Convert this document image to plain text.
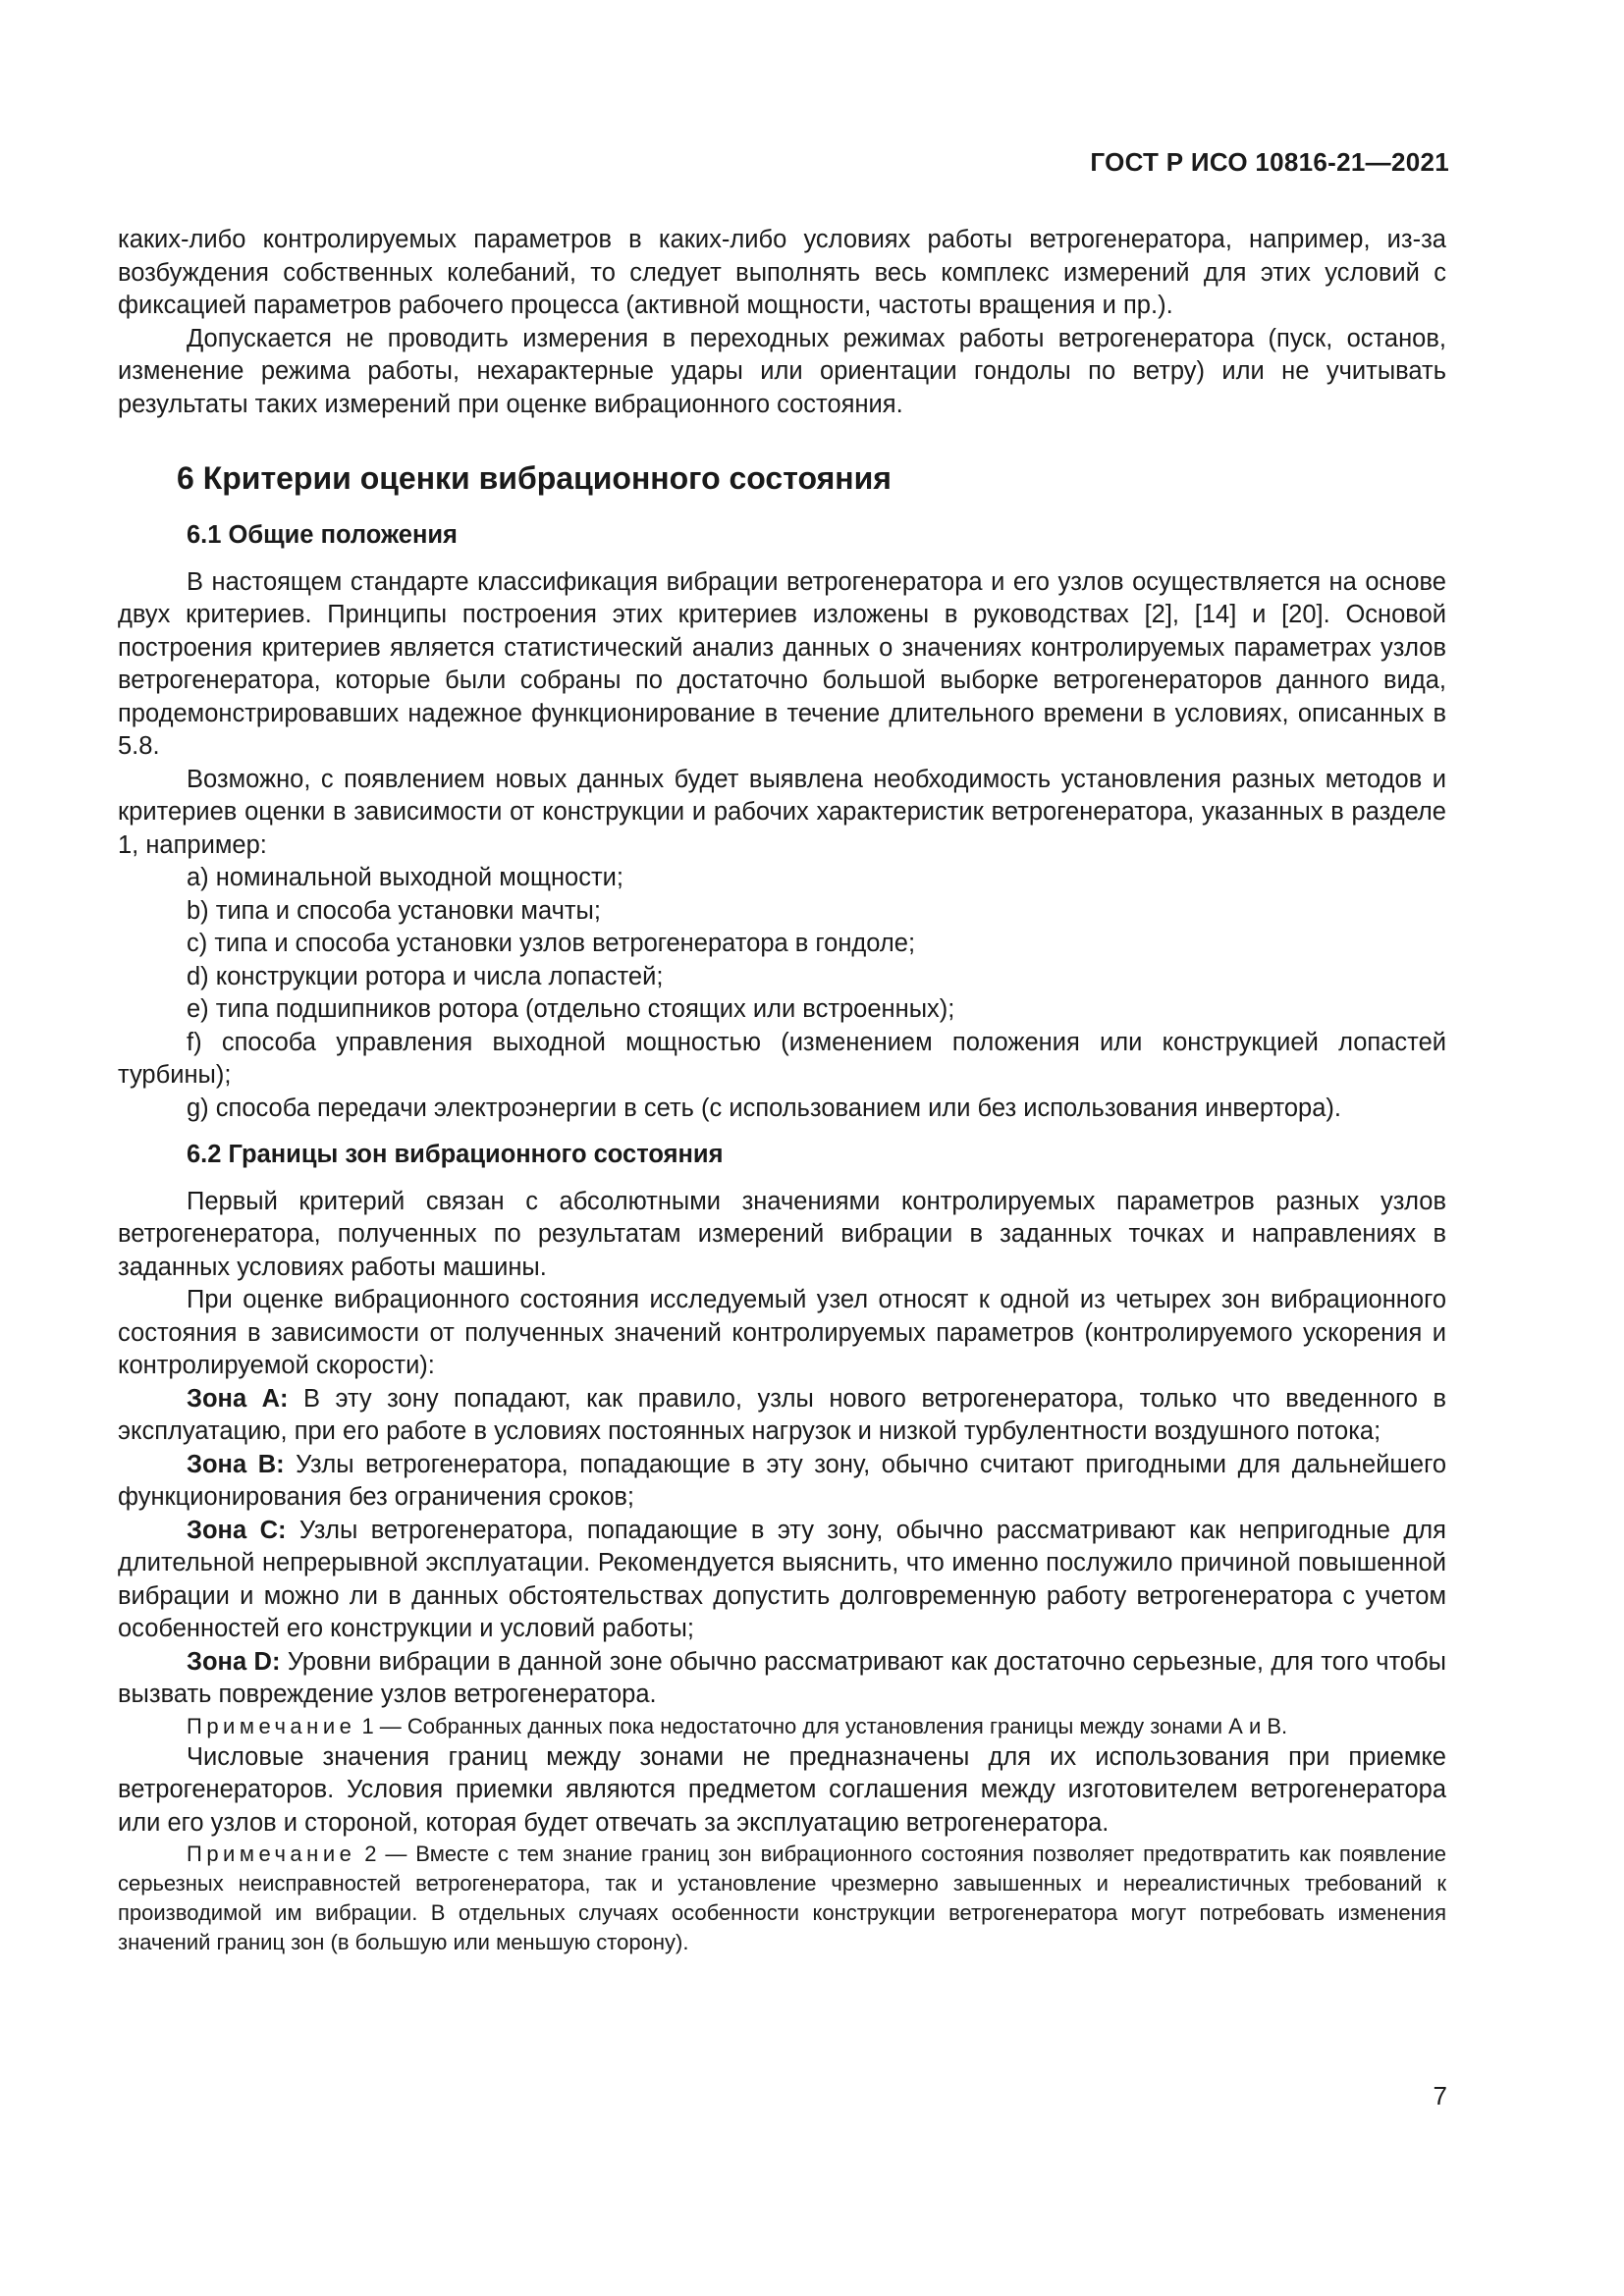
ГОСТ Р ИСО 10816-21—2021

каких-либо контролируемых параметров в каких-либо условиях работы ветрогенератора, например, из-за возбуждения собственных колебаний, то следует выполнять весь комплекс измерений для этих условий с фиксацией параметров рабочего процесса (активной мощности, частоты вращения и пр.).

Допускается не проводить измерения в переходных режимах работы ветрогенератора (пуск, останов, изменение режима работы, нехарактерные удары или ориентации гондолы по ветру) или не учитывать результаты таких измерений при оценке вибрационного состояния.

6 Критерии оценки вибрационного состояния
6.1 Общие положения

В настоящем стандарте классификация вибрации ветрогенератора и его узлов осуществляется на основе двух критериев. Принципы построения этих критериев изложены в руководствах [2], [14] и [20]. Основой построения критериев является статистический анализ данных о значениях контролируемых параметрах узлов ветрогенератора, которые были собраны по достаточно большой выборке ветрогенераторов данного вида, продемонстрировавших надежное функционирование в течение длительного времени в условиях, описанных в 5.8.

Возможно, с появлением новых данных будет выявлена необходимость установления разных методов и критериев оценки в зависимости от конструкции и рабочих характеристик ветрогенератора, указанных в разделе 1, например:

а) номинальной выходной мощности;

b) типа и способа установки мачты;

c) типа и способа установки узлов ветрогенератора в гондоле;

d) конструкции ротора и числа лопастей;

e) типа подшипников ротора (отдельно стоящих или встроенных);

f) способа управления выходной мощностью (изменением положения или конструкцией лопастей турбины);

g) способа передачи электроэнергии в сеть (с использованием или без использования инвертора).

6.2 Границы зон вибрационного состояния

Первый критерий связан с абсолютными значениями контролируемых параметров разных узлов ветрогенератора, полученных по результатам измерений вибрации в заданных точках и направлениях в заданных условиях работы машины.

При оценке вибрационного состояния исследуемый узел относят к одной из четырех зон вибрационного состояния в зависимости от полученных значений контролируемых параметров (контролируемого ускорения и контролируемой скорости):

Зона А: В эту зону попадают, как правило, узлы нового ветрогенератора, только что введенного в эксплуатацию, при его работе в условиях постоянных нагрузок и низкой турбулентности воздушного потока;

Зона В: Узлы ветрогенератора, попадающие в эту зону, обычно считают пригодными для дальнейшего функционирования без ограничения сроков;

Зона С: Узлы ветрогенератора, попадающие в эту зону, обычно рассматривают как непригодные для длительной непрерывной эксплуатации. Рекомендуется выяснить, что именно послужило причиной повышенной вибрации и можно ли в данных обстоятельствах допустить долговременную работу ветрогенератора с учетом особенностей его конструкции и условий работы;

Зона D: Уровни вибрации в данной зоне обычно рассматривают как достаточно серьезные, для того чтобы вызвать повреждение узлов ветрогенератора.

Примечание 1 — Собранных данных пока недостаточно для установления границы между зонами А и В.

Числовые значения границ между зонами не предназначены для их использования при приемке ветрогенераторов. Условия приемки являются предметом соглашения между изготовителем ветрогенератора или его узлов и стороной, которая будет отвечать за эксплуатацию ветрогенератора.

Примечание 2 — Вместе с тем знание границ зон вибрационного состояния позволяет предотвратить как появление серьезных неисправностей ветрогенератора, так и установление чрезмерно завышенных и нереалистичных требований к производимой им вибрации. В отдельных случаях особенности конструкции ветрогенератора могут потребовать изменения значений границ зон (в большую или меньшую сторону).

7
